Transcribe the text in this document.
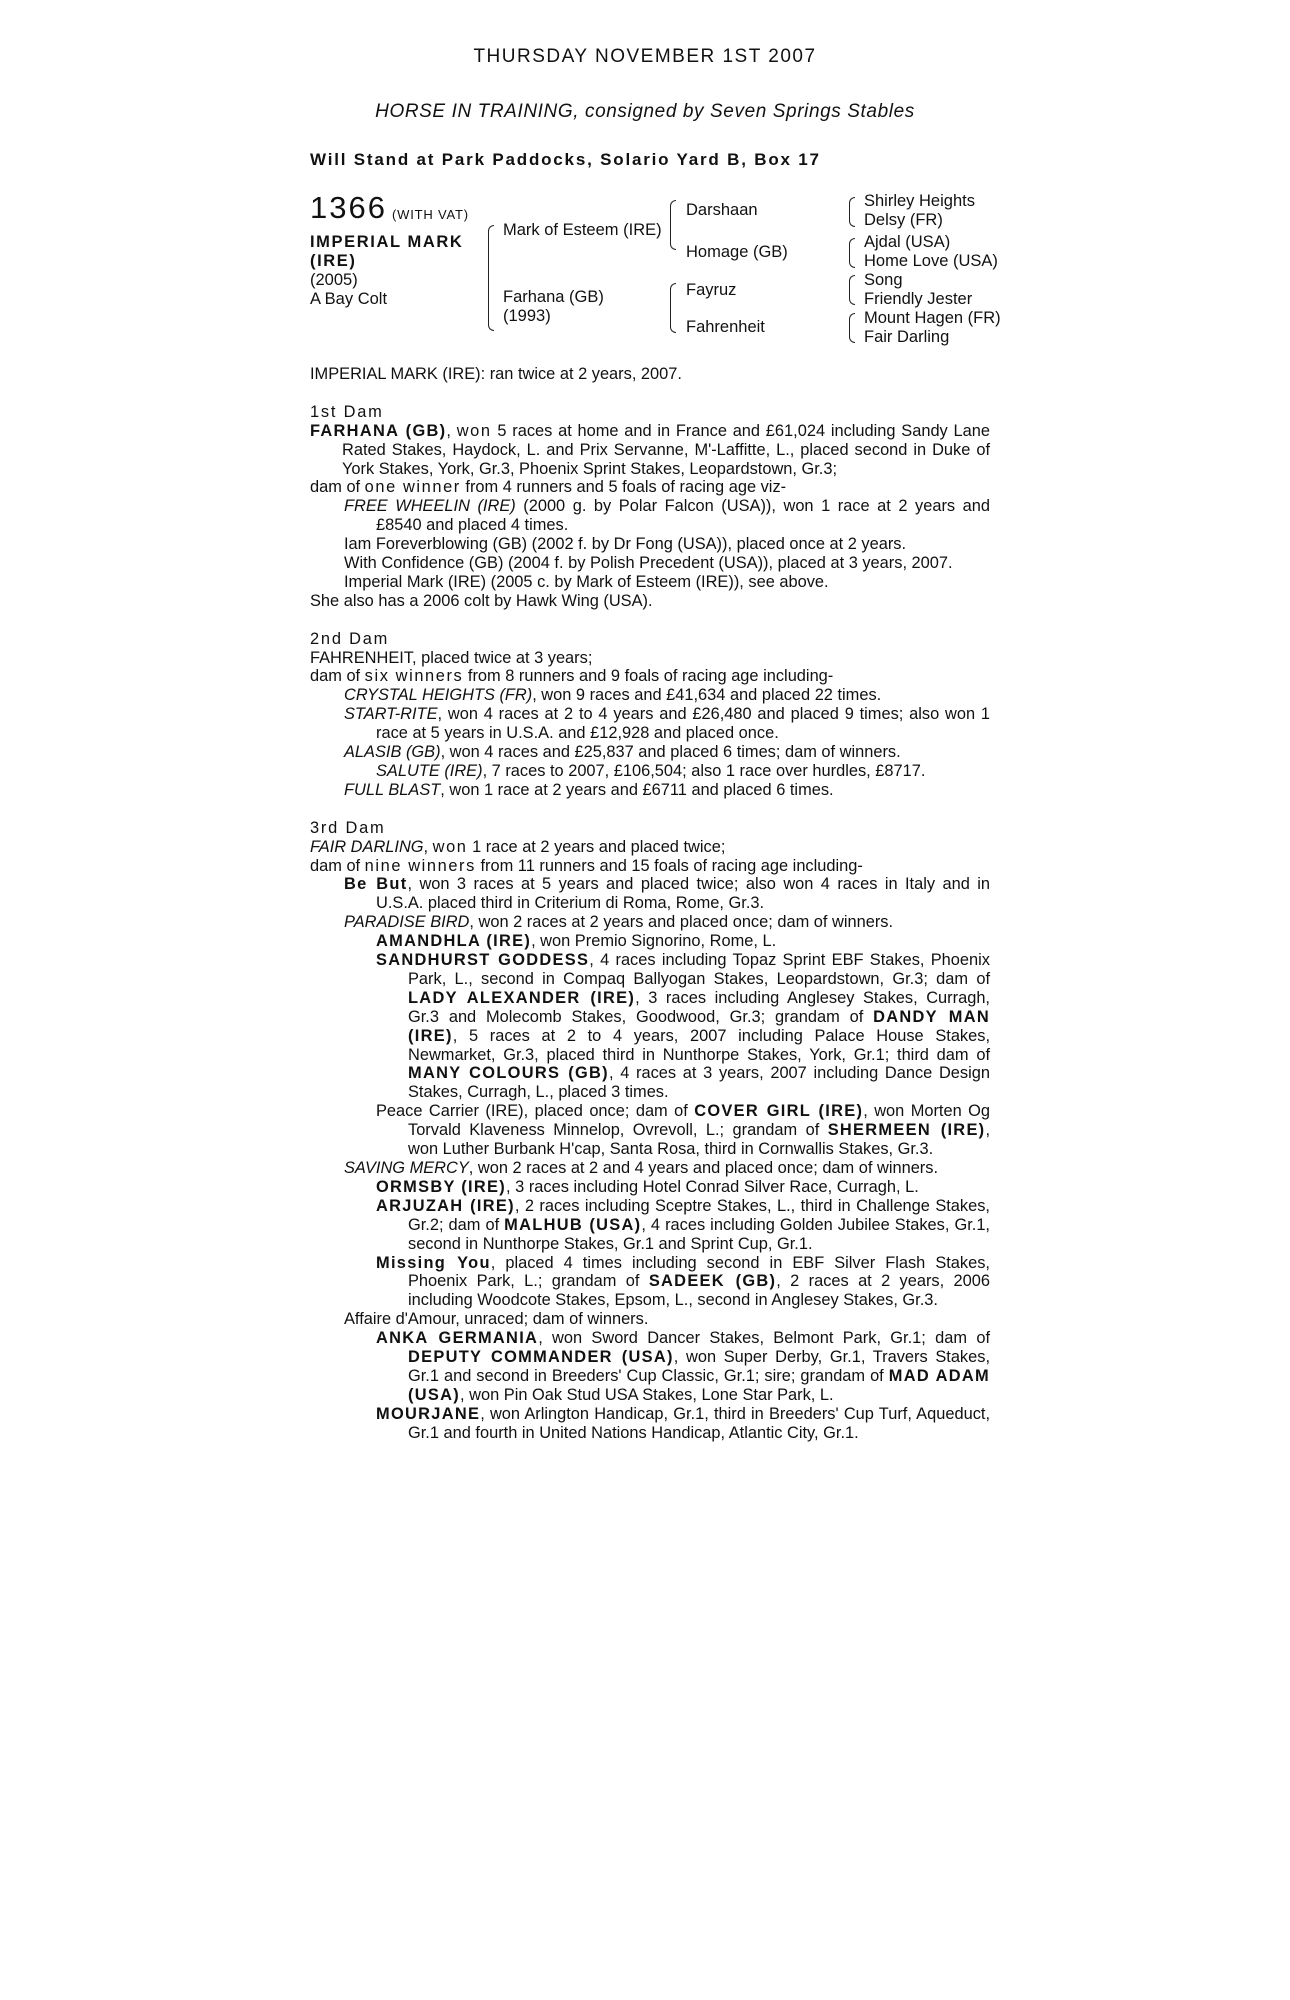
THURSDAY NOVEMBER 1ST 2007
HORSE IN TRAINING, consigned by Seven Springs Stables
Will Stand at Park Paddocks, Solario Yard B, Box 17
1366 (WITH VAT)
IMPERIAL MARK
(IRE)
(2005)
A Bay Colt
Mark of Esteem (IRE)
Farhana (GB)
(1993)
Darshaan
Homage (GB)
Fayruz
Fahrenheit
Shirley Heights
Delsy (FR)
Ajdal (USA)
Home Love (USA)
Song
Friendly Jester
Mount Hagen (FR)
Fair Darling

IMPERIAL MARK (IRE): ran twice at 2 years, 2007.

1st Dam

FARHANA (GB), won 5 races at home and in France and £61,024 including Sandy Lane Rated Stakes, Haydock, L. and Prix Servanne, M'-Laffitte, L., placed second in Duke of York Stakes, York, Gr.3, Phoenix Sprint Stakes, Leopardstown, Gr.3;

dam of one winner from 4 runners and 5 foals of racing age viz-

FREE WHEELIN (IRE) (2000 g. by Polar Falcon (USA)), won 1 race at 2 years and £8540 and placed 4 times.

Iam Foreverblowing (GB) (2002 f. by Dr Fong (USA)), placed once at 2 years.

With Confidence (GB) (2004 f. by Polish Precedent (USA)), placed at 3 years, 2007.

Imperial Mark (IRE) (2005 c. by Mark of Esteem (IRE)), see above.

She also has a 2006 colt by Hawk Wing (USA).

2nd Dam

FAHRENHEIT, placed twice at 3 years;

dam of six winners from 8 runners and 9 foals of racing age including-

CRYSTAL HEIGHTS (FR), won 9 races and £41,634 and placed 22 times.

START-RITE, won 4 races at 2 to 4 years and £26,480 and placed 9 times; also won 1 race at 5 years in U.S.A. and £12,928 and placed once.

ALASIB (GB), won 4 races and £25,837 and placed 6 times; dam of winners.

SALUTE (IRE), 7 races to 2007, £106,504; also 1 race over hurdles, £8717.

FULL BLAST, won 1 race at 2 years and £6711 and placed 6 times.

3rd Dam

FAIR DARLING, won 1 race at 2 years and placed twice;

dam of nine winners from 11 runners and 15 foals of racing age including-

Be But, won 3 races at 5 years and placed twice; also won 4 races in Italy and in U.S.A. placed third in Criterium di Roma, Rome, Gr.3.

PARADISE BIRD, won 2 races at 2 years and placed once; dam of winners.

AMANDHLA (IRE), won Premio Signorino, Rome, L.

SANDHURST GODDESS, 4 races including Topaz Sprint EBF Stakes, Phoenix Park, L., second in Compaq Ballyogan Stakes, Leopardstown, Gr.3; dam of LADY ALEXANDER (IRE), 3 races including Anglesey Stakes, Curragh, Gr.3 and Molecomb Stakes, Goodwood, Gr.3; grandam of DANDY MAN (IRE), 5 races at 2 to 4 years, 2007 including Palace House Stakes, Newmarket, Gr.3, placed third in Nunthorpe Stakes, York, Gr.1; third dam of MANY COLOURS (GB), 4 races at 3 years, 2007 including Dance Design Stakes, Curragh, L., placed 3 times.

Peace Carrier (IRE), placed once; dam of COVER GIRL (IRE), won Morten Og Torvald Klaveness Minnelop, Ovrevoll, L.; grandam of SHERMEEN (IRE), won Luther Burbank H'cap, Santa Rosa, third in Cornwallis Stakes, Gr.3.

SAVING MERCY, won 2 races at 2 and 4 years and placed once; dam of winners.

ORMSBY (IRE), 3 races including Hotel Conrad Silver Race, Curragh, L.

ARJUZAH (IRE), 2 races including Sceptre Stakes, L., third in Challenge Stakes, Gr.2; dam of MALHUB (USA), 4 races including Golden Jubilee Stakes, Gr.1, second in Nunthorpe Stakes, Gr.1 and Sprint Cup, Gr.1.

Missing You, placed 4 times including second in EBF Silver Flash Stakes, Phoenix Park, L.; grandam of SADEEK (GB), 2 races at 2 years, 2006 including Woodcote Stakes, Epsom, L., second in Anglesey Stakes, Gr.3.

Affaire d'Amour, unraced; dam of winners.

ANKA GERMANIA, won Sword Dancer Stakes, Belmont Park, Gr.1; dam of DEPUTY COMMANDER (USA), won Super Derby, Gr.1, Travers Stakes, Gr.1 and second in Breeders' Cup Classic, Gr.1; sire; grandam of MAD ADAM (USA), won Pin Oak Stud USA Stakes, Lone Star Park, L.

MOURJANE, won Arlington Handicap, Gr.1, third in Breeders' Cup Turf, Aqueduct, Gr.1 and fourth in United Nations Handicap, Atlantic City, Gr.1.
